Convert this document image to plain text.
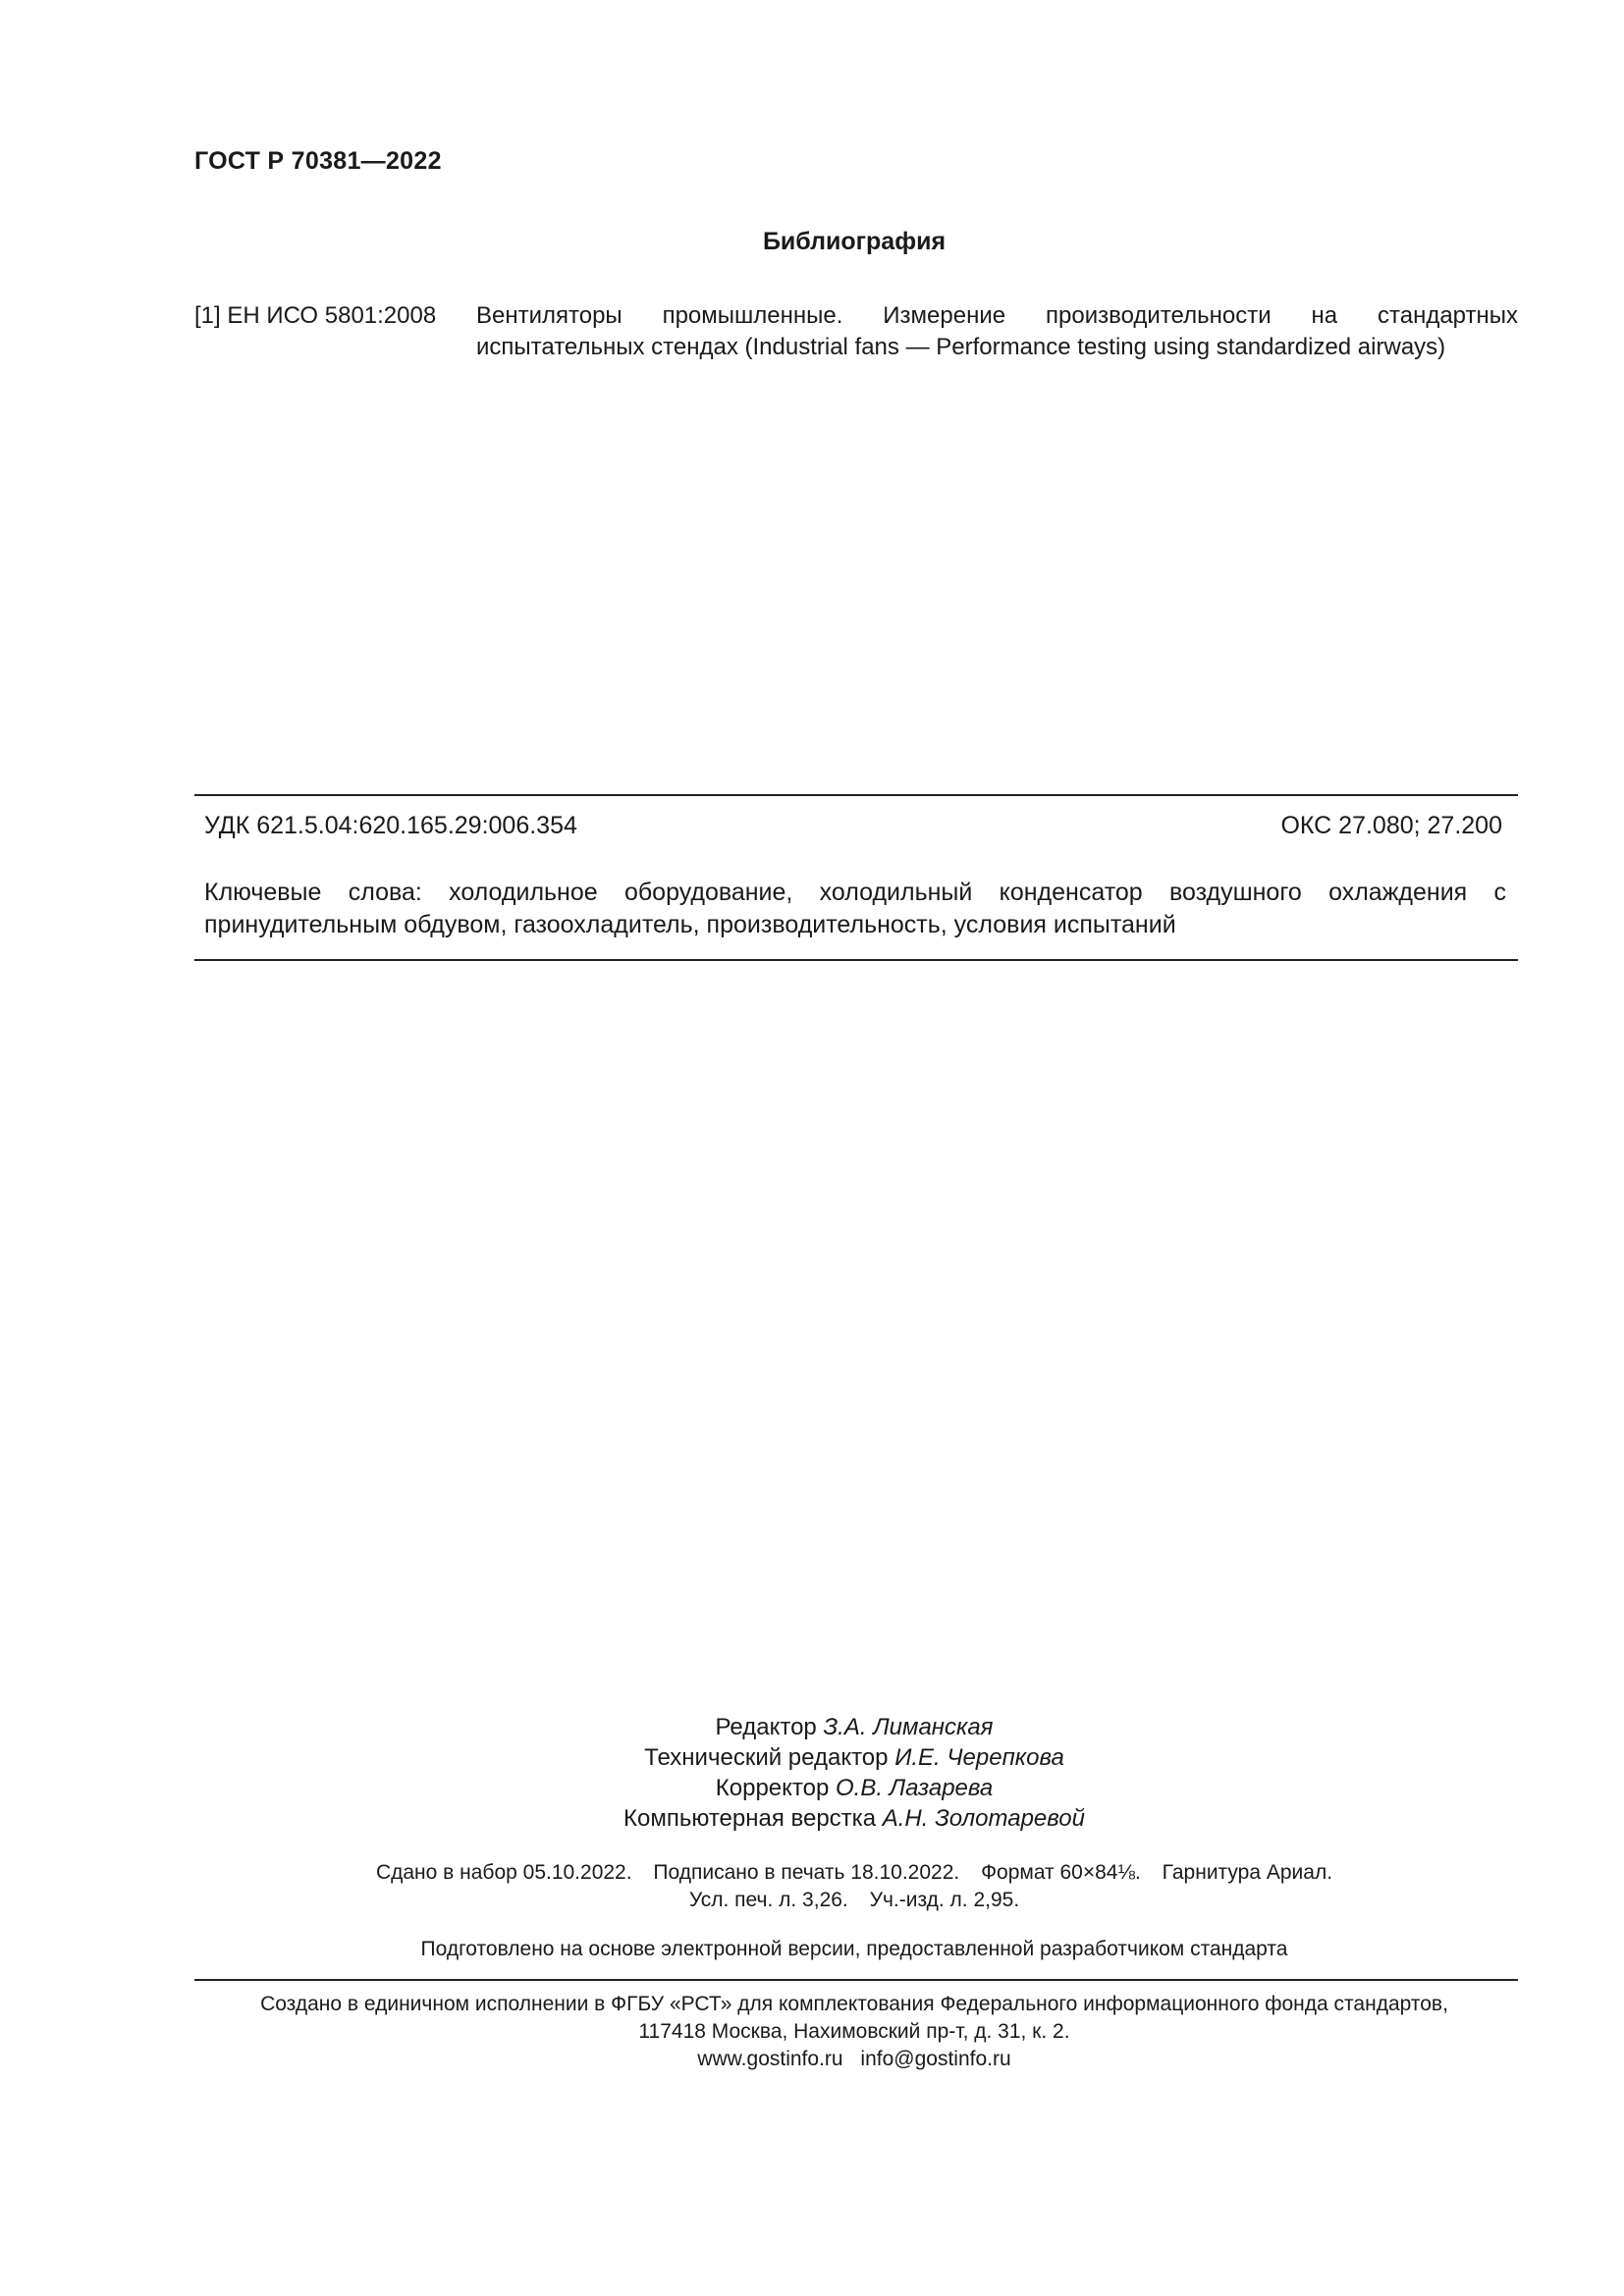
ГОСТ Р 70381—2022
Библиография
[1] ЕН ИСО 5801:2008 Вентиляторы промышленные. Измерение производительности на стандартных испытательных стендах (Industrial fans — Performance testing using standardized airways)
УДК 621.5.04:620.165.29:006.354	ОКС 27.080; 27.200
Ключевые слова: холодильное оборудование, холодильный конденсатор воздушного охлаждения с принудительным обдувом, газоохладитель, производительность, условия испытаний
Редактор З.А. Лиманская
Технический редактор И.Е. Черепкова
Корректор О.В. Лазарева
Компьютерная верстка А.Н. Золотаревой
Сдано в набор 05.10.2022. Подписано в печать 18.10.2022. Формат 60×84⅛. Гарнитура Ариал.
Усл. печ. л. 3,26. Уч.-изд. л. 2,95.
Подготовлено на основе электронной версии, предоставленной разработчиком стандарта
Создано в единичном исполнении в ФГБУ «РСТ» для комплектования Федерального информационного фонда стандартов,
117418 Москва, Нахимовский пр-т, д. 31, к. 2.
www.gostinfo.ru info@gostinfo.ru
